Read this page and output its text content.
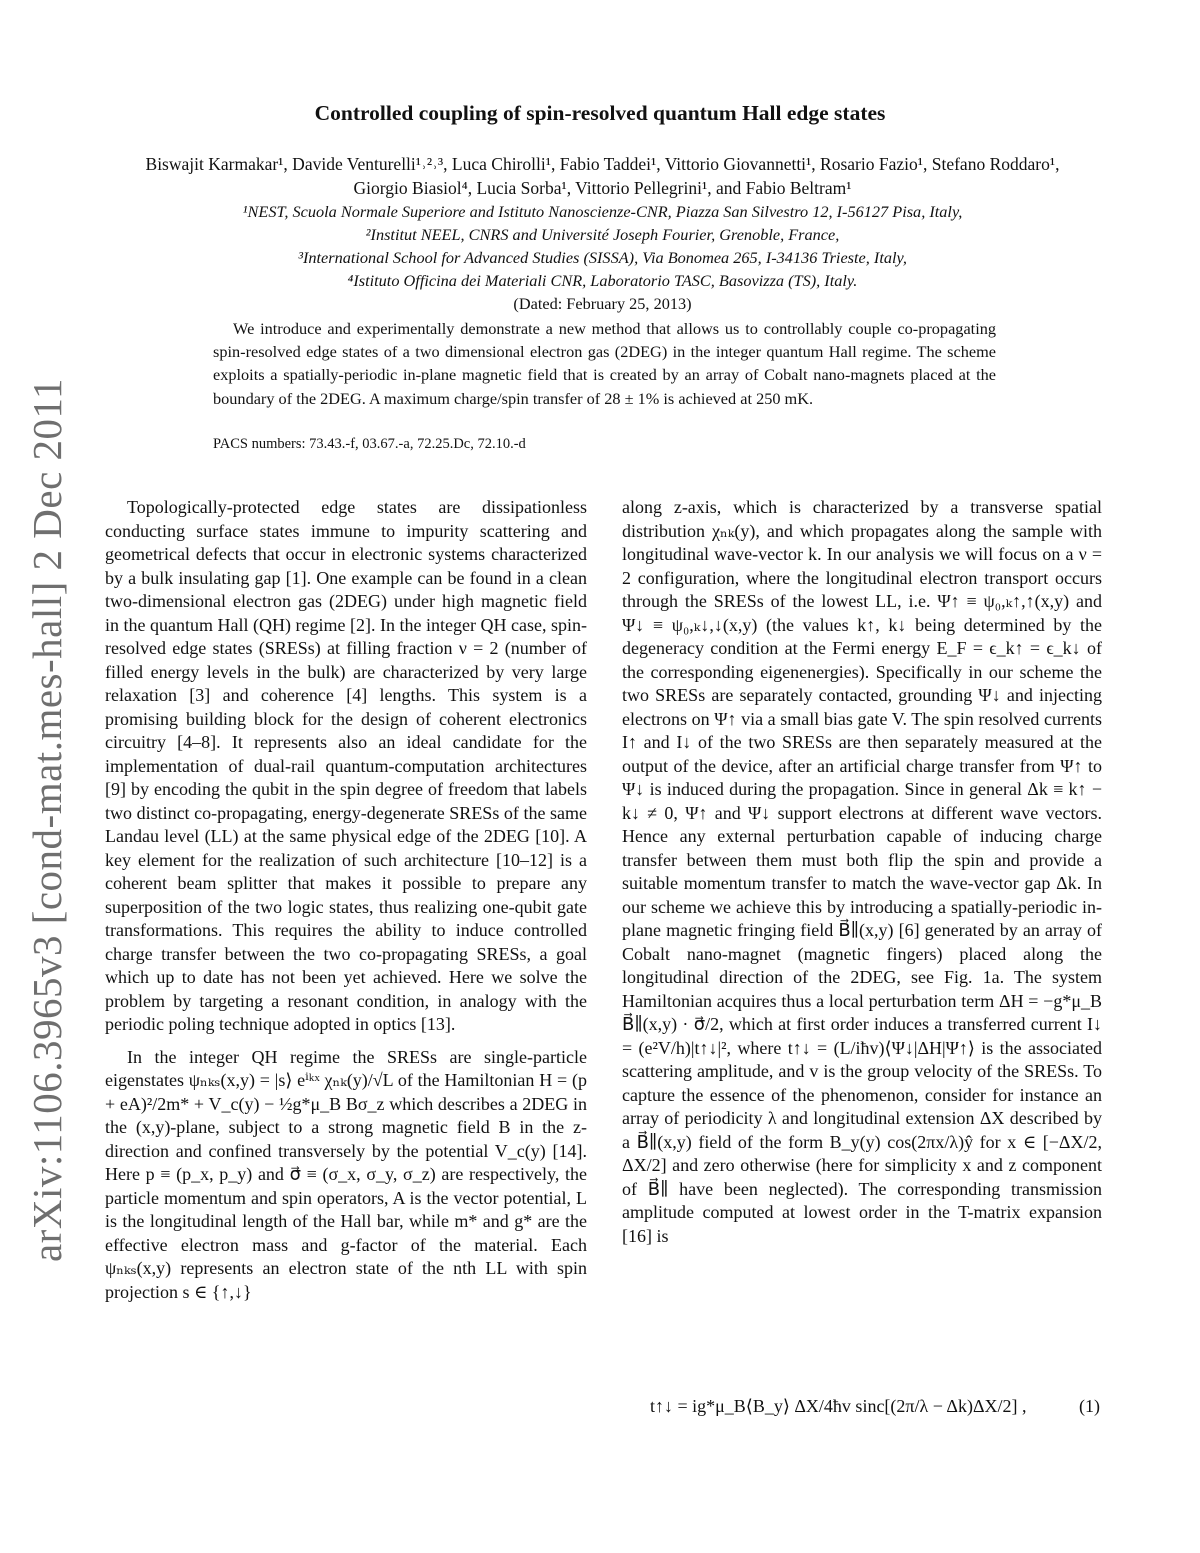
arXiv:1106.3965v3 [cond-mat.mes-hall] 2 Dec 2011
Controlled coupling of spin-resolved quantum Hall edge states
Biswajit Karmakar¹, Davide Venturelli¹˒²˒³, Luca Chirolli¹, Fabio Taddei¹, Vittorio Giovannetti¹, Rosario Fazio¹, Stefano Roddaro¹, Giorgio Biasiol⁴, Lucia Sorba¹, Vittorio Pellegrini¹, and Fabio Beltram¹
¹NEST, Scuola Normale Superiore and Istituto Nanoscienze-CNR, Piazza San Silvestro 12, I-56127 Pisa, Italy,
²Institut NEEL, CNRS and Université Joseph Fourier, Grenoble, France,
³International School for Advanced Studies (SISSA), Via Bonomea 265, I-34136 Trieste, Italy,
⁴Istituto Officina dei Materiali CNR, Laboratorio TASC, Basovizza (TS), Italy.
(Dated: February 25, 2013)
We introduce and experimentally demonstrate a new method that allows us to controllably couple co-propagating spin-resolved edge states of a two dimensional electron gas (2DEG) in the integer quantum Hall regime. The scheme exploits a spatially-periodic in-plane magnetic field that is created by an array of Cobalt nano-magnets placed at the boundary of the 2DEG. A maximum charge/spin transfer of 28 ± 1% is achieved at 250 mK.
PACS numbers: 73.43.-f, 03.67.-a, 72.25.Dc, 72.10.-d

Topologically-protected edge states are dissipationless conducting surface states immune to impurity scattering and geometrical defects that occur in electronic systems characterized by a bulk insulating gap [1]. One example can be found in a clean two-dimensional electron gas (2DEG) under high magnetic field in the quantum Hall (QH) regime [2]. In the integer QH case, spin-resolved edge states (SRESs) at filling fraction ν = 2 (number of filled energy levels in the bulk) are characterized by very large relaxation [3] and coherence [4] lengths. This system is a promising building block for the design of coherent electronics circuitry [4–8]. It represents also an ideal candidate for the implementation of dual-rail quantum-computation architectures [9] by encoding the qubit in the spin degree of freedom that labels two distinct co-propagating, energy-degenerate SRESs of the same Landau level (LL) at the same physical edge of the 2DEG [10]. A key element for the realization of such architecture [10–12] is a coherent beam splitter that makes it possible to prepare any superposition of the two logic states, thus realizing one-qubit gate transformations. This requires the ability to induce controlled charge transfer between the two co-propagating SRESs, a goal which up to date has not been yet achieved. Here we solve the problem by targeting a resonant condition, in analogy with the periodic poling technique adopted in optics [13].

In the integer QH regime the SRESs are single-particle eigenstates ψₙₖₛ(x,y) = |s⟩ eⁱᵏˣ χₙₖ(y)/√L of the Hamiltonian H = (p + eA)²/2m* + V_c(y) − ½g*μ_B Bσ_z which describes a 2DEG in the (x,y)-plane, subject to a strong magnetic field B in the z-direction and confined transversely by the potential V_c(y) [14]. Here p ≡ (p_x, p_y) and σ⃗ ≡ (σ_x, σ_y, σ_z) are respectively, the particle momentum and spin operators, A is the vector potential, L is the longitudinal length of the Hall bar, while m* and g* are the effective electron mass and g-factor of the material. Each ψₙₖₛ(x,y) represents an electron state of the nth LL with spin projection s ∈ {↑,↓}

along z-axis, which is characterized by a transverse spatial distribution χₙₖ(y), and which propagates along the sample with longitudinal wave-vector k. In our analysis we will focus on a ν = 2 configuration, where the longitudinal electron transport occurs through the SRESs of the lowest LL, i.e. Ψ↑ ≡ ψ₀,ₖ↑,↑(x,y) and Ψ↓ ≡ ψ₀,ₖ↓,↓(x,y) (the values k↑, k↓ being determined by the degeneracy condition at the Fermi energy E_F = ϵ_k↑ = ϵ_k↓ of the corresponding eigenenergies). Specifically in our scheme the two SRESs are separately contacted, grounding Ψ↓ and injecting electrons on Ψ↑ via a small bias gate V. The spin resolved currents I↑ and I↓ of the two SRESs are then separately measured at the output of the device, after an artificial charge transfer from Ψ↑ to Ψ↓ is induced during the propagation. Since in general Δk ≡ k↑ − k↓ ≠ 0, Ψ↑ and Ψ↓ support electrons at different wave vectors. Hence any external perturbation capable of inducing charge transfer between them must both flip the spin and provide a suitable momentum transfer to match the wave-vector gap Δk. In our scheme we achieve this by introducing a spatially-periodic in-plane magnetic fringing field B⃗∥(x,y) [6] generated by an array of Cobalt nano-magnet (magnetic fingers) placed along the longitudinal direction of the 2DEG, see Fig. 1a. The system Hamiltonian acquires thus a local perturbation term ΔH = −g*μ_B B⃗∥(x,y) · σ⃗/2, which at first order induces a transferred current I↓ = (e²V/h)|t↑↓|², where t↑↓ = (L/iħv)⟨Ψ↓|ΔH|Ψ↑⟩ is the associated scattering amplitude, and v is the group velocity of the SRESs. To capture the essence of the phenomenon, consider for instance an array of periodicity λ and longitudinal extension ΔX described by a B⃗∥(x,y) field of the form B_y(y) cos(2πx/λ)ŷ for x ∈ [−ΔX/2, ΔX/2] and zero otherwise (here for simplicity x and z component of B⃗∥ have been neglected). The corresponding transmission amplitude computed at lowest order in the T-matrix expansion [16] is

t↑↓ = ig*μ_B⟨B_y⟩ ΔX/4ħv sinc[(2π/λ − Δk)ΔX/2] ,	(1)
